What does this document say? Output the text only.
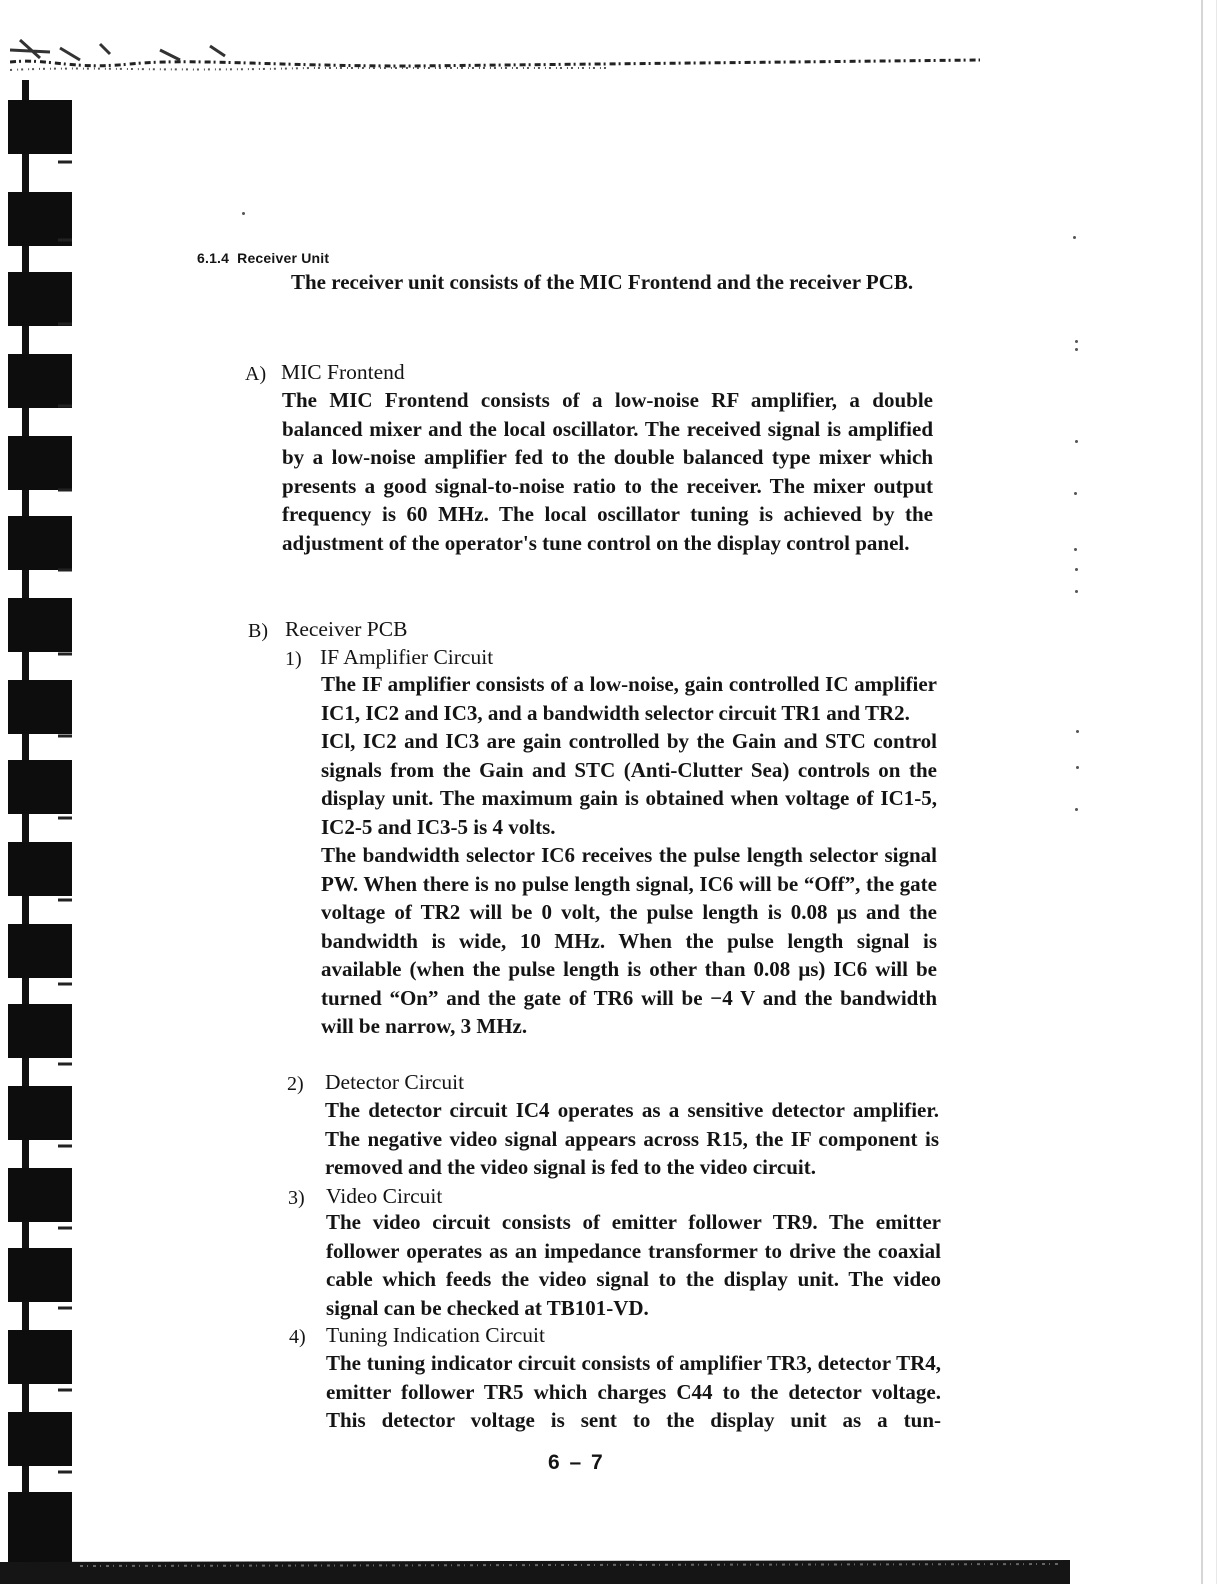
6.1.4 Receiver Unit

The receiver unit consists of the MIC Frontend and the receiver PCB.

A) MIC Frontend

The MIC Frontend consists of a low-noise RF amplifier, a double balanced mixer and the local oscillator. The received signal is amplified by a low-noise amplifier fed to the double balanced type mixer which presents a good signal-to-noise ratio to the receiver. The mixer output frequency is 60 MHz. The local oscillator tuning is achieved by the adjustment of the operator's tune control on the display control panel.

B) Receiver PCB
1) IF Amplifier Circuit

The IF amplifier consists of a low-noise, gain controlled IC amplifier IC1, IC2 and IC3, and a bandwidth selector circuit TR1 and TR2.

ICl, IC2 and IC3 are gain controlled by the Gain and STC control signals from the Gain and STC (Anti-Clutter Sea) controls on the display unit. The maximum gain is obtained when voltage of IC1-5, IC2-5 and IC3-5 is 4 volts.

The bandwidth selector IC6 receives the pulse length selector signal PW. When there is no pulse length signal, IC6 will be “Off”, the gate voltage of TR2 will be 0 volt, the pulse length is 0.08 μs and the bandwidth is wide, 10 MHz. When the pulse length signal is available (when the pulse length is other than 0.08 μs) IC6 will be turned “On” and the gate of TR6 will be −4 V and the bandwidth will be narrow, 3 MHz.

2) Detector Circuit

The detector circuit IC4 operates as a sensitive detector amplifier. The negative video signal appears across R15, the IF component is removed and the video signal is fed to the video circuit.

3) Video Circuit

The video circuit consists of emitter follower TR9. The emitter follower operates as an impedance transformer to drive the coaxial cable which feeds the video signal to the display unit. The video signal can be checked at TB101-VD.

4) Tuning Indication Circuit

The tuning indicator circuit consists of amplifier TR3, detector TR4, emitter follower TR5 which charges C44 to the detector voltage. This detector voltage is sent to the display unit as a tun-

6 – 7
